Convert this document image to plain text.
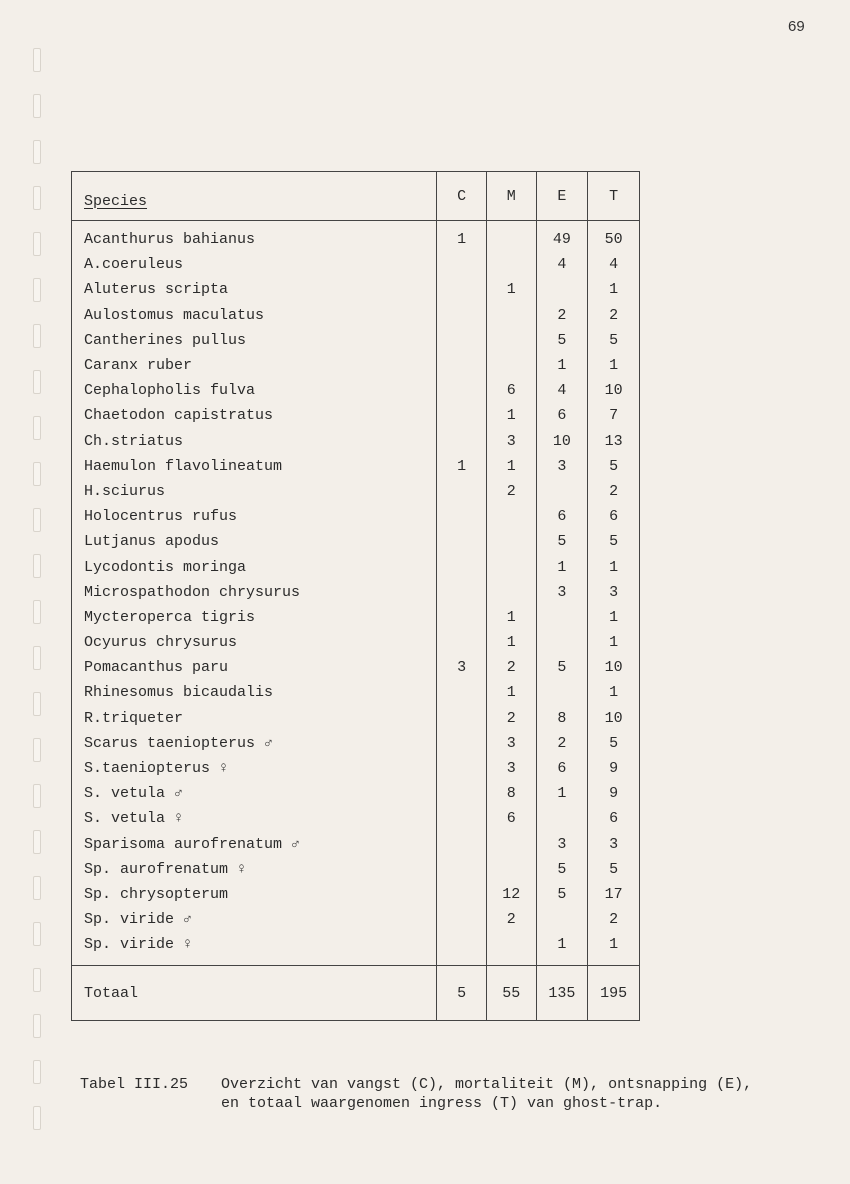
69
Species	C	M	E	T
Acanthurus bahianus	1		49	50
A.coeruleus			4	4
Aluterus scripta		1		1
Aulostomus maculatus			2	2
Cantherines pullus			5	5
Caranx ruber			1	1
Cephalopholis fulva		6	4	10
Chaetodon capistratus		1	6	7
Ch.striatus		3	10	13
Haemulon flavolineatum	1	1	3	5
H.sciurus		2		2
Holocentrus rufus			6	6
Lutjanus apodus			5	5
Lycodontis moringa			1	1
Microspathodon chrysurus			3	3
Mycteroperca tigris		1		1
Ocyurus chrysurus		1		1
Pomacanthus paru	3	2	5	10
Rhinesomus bicaudalis		1		1
R.triqueter		2	8	10
Scarus taeniopterus ♂		3	2	5
S.taeniopterus ♀		3	6	9
S. vetula ♂		8	1	9
S. vetula ♀		6		6
Sparisoma aurofrenatum ♂			3	3
Sp. aurofrenatum ♀			5	5
Sp. chrysopterum		12	5	17
Sp. viride ♂		2		2
Sp. viride ♀			1	1
Totaal	5	55	135	195
Tabel III.25 Overzicht van vangst (C), mortaliteit (M), ontsnapping (E),
en totaal waargenomen ingress (T) van ghost-trap.
